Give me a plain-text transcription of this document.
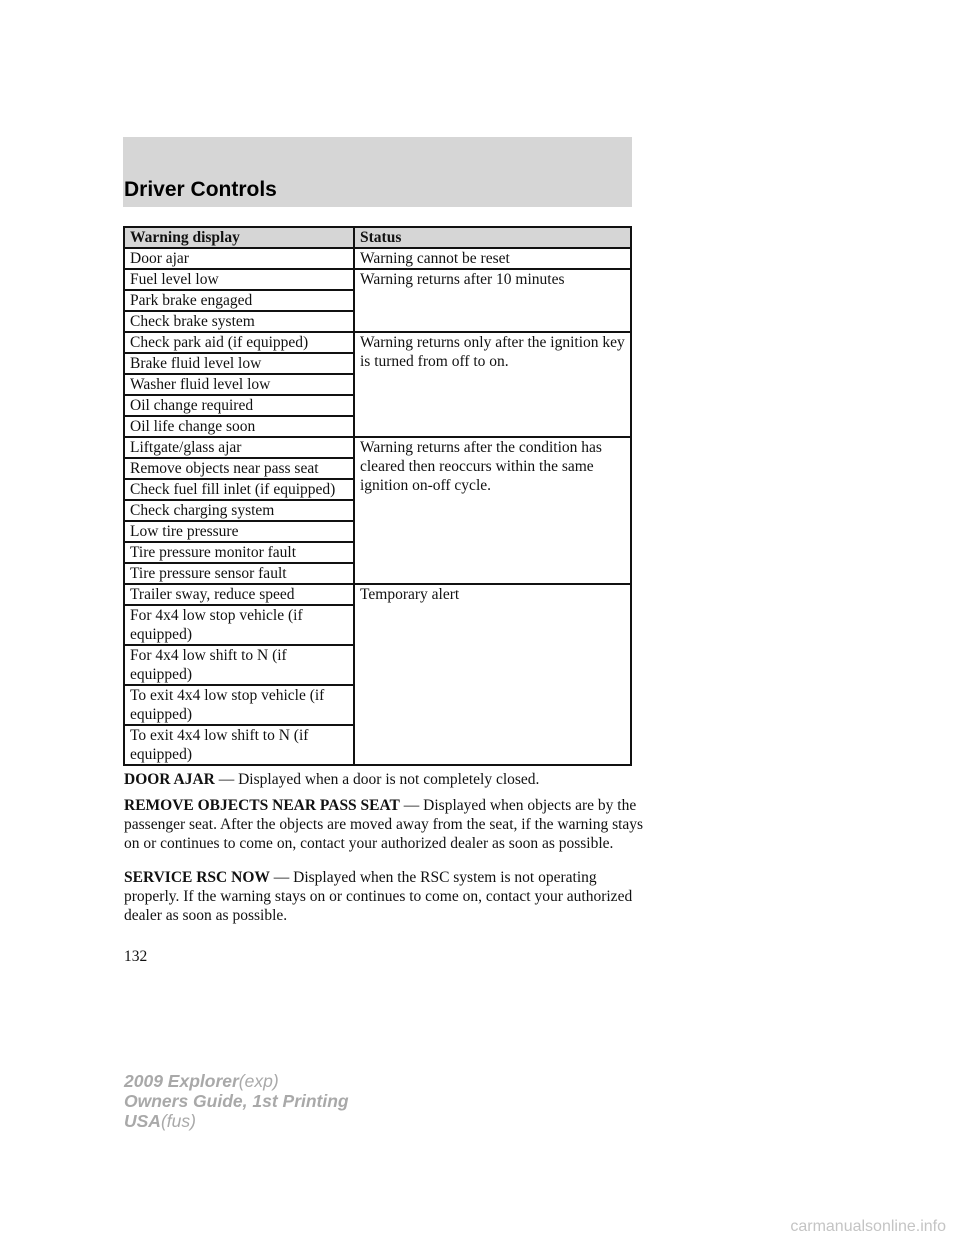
Driver Controls
Warning display	Status
Door ajar	Warning cannot be reset
Fuel level low	Warning returns after 10 minutes
Park brake engaged	
Check brake system	
Check park aid (if equipped)	Warning returns only after the ignition key is turned from off to on.
Brake fluid level low	
Washer fluid level low	
Oil change required	
Oil life change soon	
Liftgate/glass ajar	Warning returns after the condition has cleared then reoccurs within the same ignition on-off cycle.
Remove objects near pass seat	
Check fuel fill inlet (if equipped)	
Check charging system	
Low tire pressure	
Tire pressure monitor fault	
Tire pressure sensor fault	
Trailer sway, reduce speed	Temporary alert
For 4x4 low stop vehicle (if equipped)	
For 4x4 low shift to N (if equipped)	
To exit 4x4 low stop vehicle (if equipped)	
To exit 4x4 low shift to N (if equipped)	

DOOR AJAR — Displayed when a door is not completely closed.

REMOVE OBJECTS NEAR PASS SEAT — Displayed when objects are by the passenger seat. After the objects are moved away from the seat, if the warning stays on or continues to come on, contact your authorized dealer as soon as possible.

SERVICE RSC NOW — Displayed when the RSC system is not operating properly. If the warning stays on or continues to come on, contact your authorized dealer as soon as possible.

132
2009 Explorer(exp)
Owners Guide, 1st Printing
USA(fus)
carmanualsonline.info
